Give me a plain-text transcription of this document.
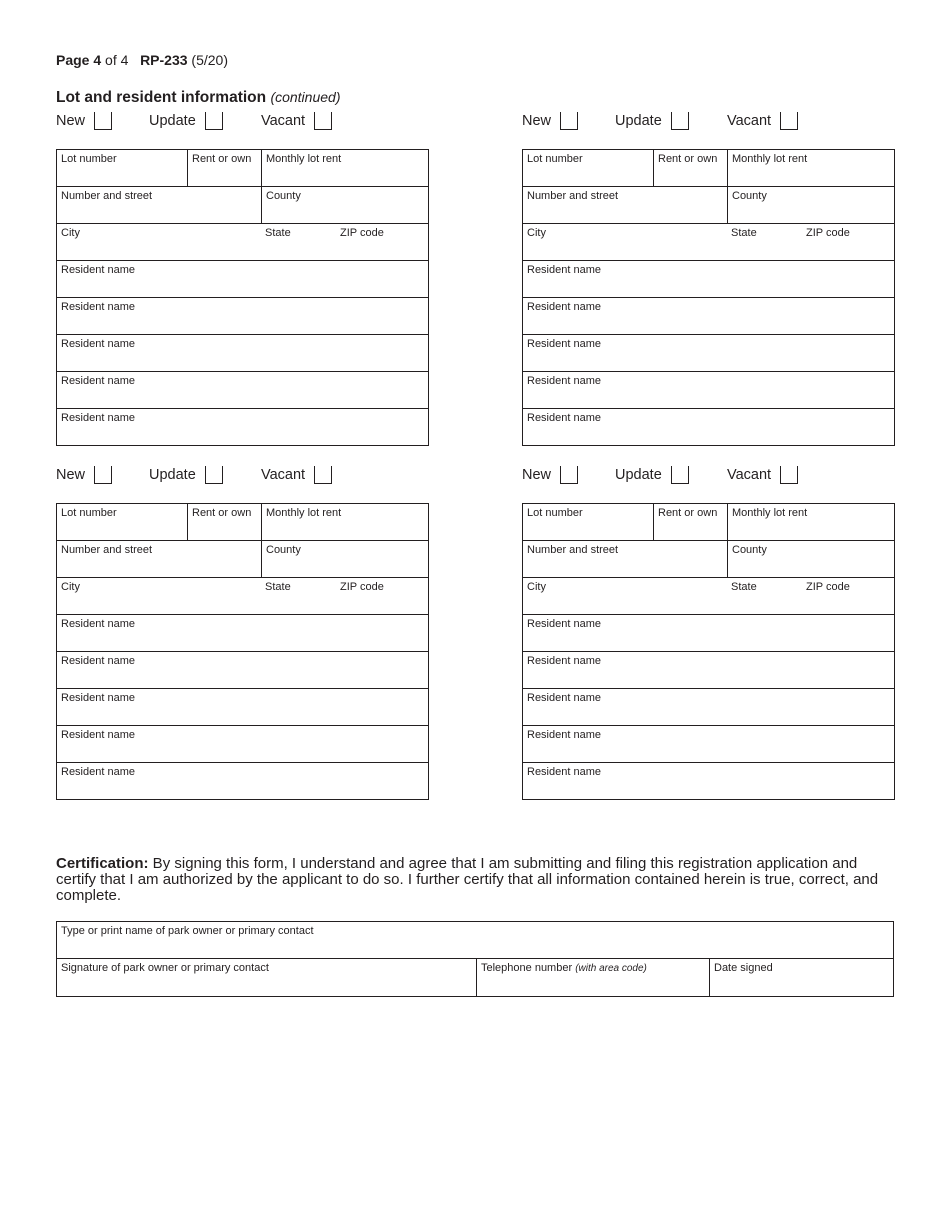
Page 4 of 4 RP-233 (5/20)
Lot and resident information (continued)
New	Update	Vacant
Lot number	Rent or own	Monthly lot rent
Number and street	County
City	State	ZIP code
Resident name
Resident name
Resident name
Resident name
Resident name
New	Update	Vacant
Lot number	Rent or own	Monthly lot rent
Number and street	County
City	State	ZIP code
Resident name
Resident name
Resident name
Resident name
Resident name
New	Update	Vacant
Lot number	Rent or own	Monthly lot rent
Number and street	County
City	State	ZIP code
Resident name
Resident name
Resident name
Resident name
Resident name
New	Update	Vacant
Lot number	Rent or own	Monthly lot rent
Number and street	County
City	State	ZIP code
Resident name
Resident name
Resident name
Resident name
Resident name
Certification: By signing this form, I understand and agree that I am submitting and filing this registration application and certify that I am authorized by the applicant to do so. I further certify that all information contained herein is true, correct, and complete.
Type or print name of park owner or primary contact
Signature of park owner or primary contact	Telephone number (with area code)	Date signed
